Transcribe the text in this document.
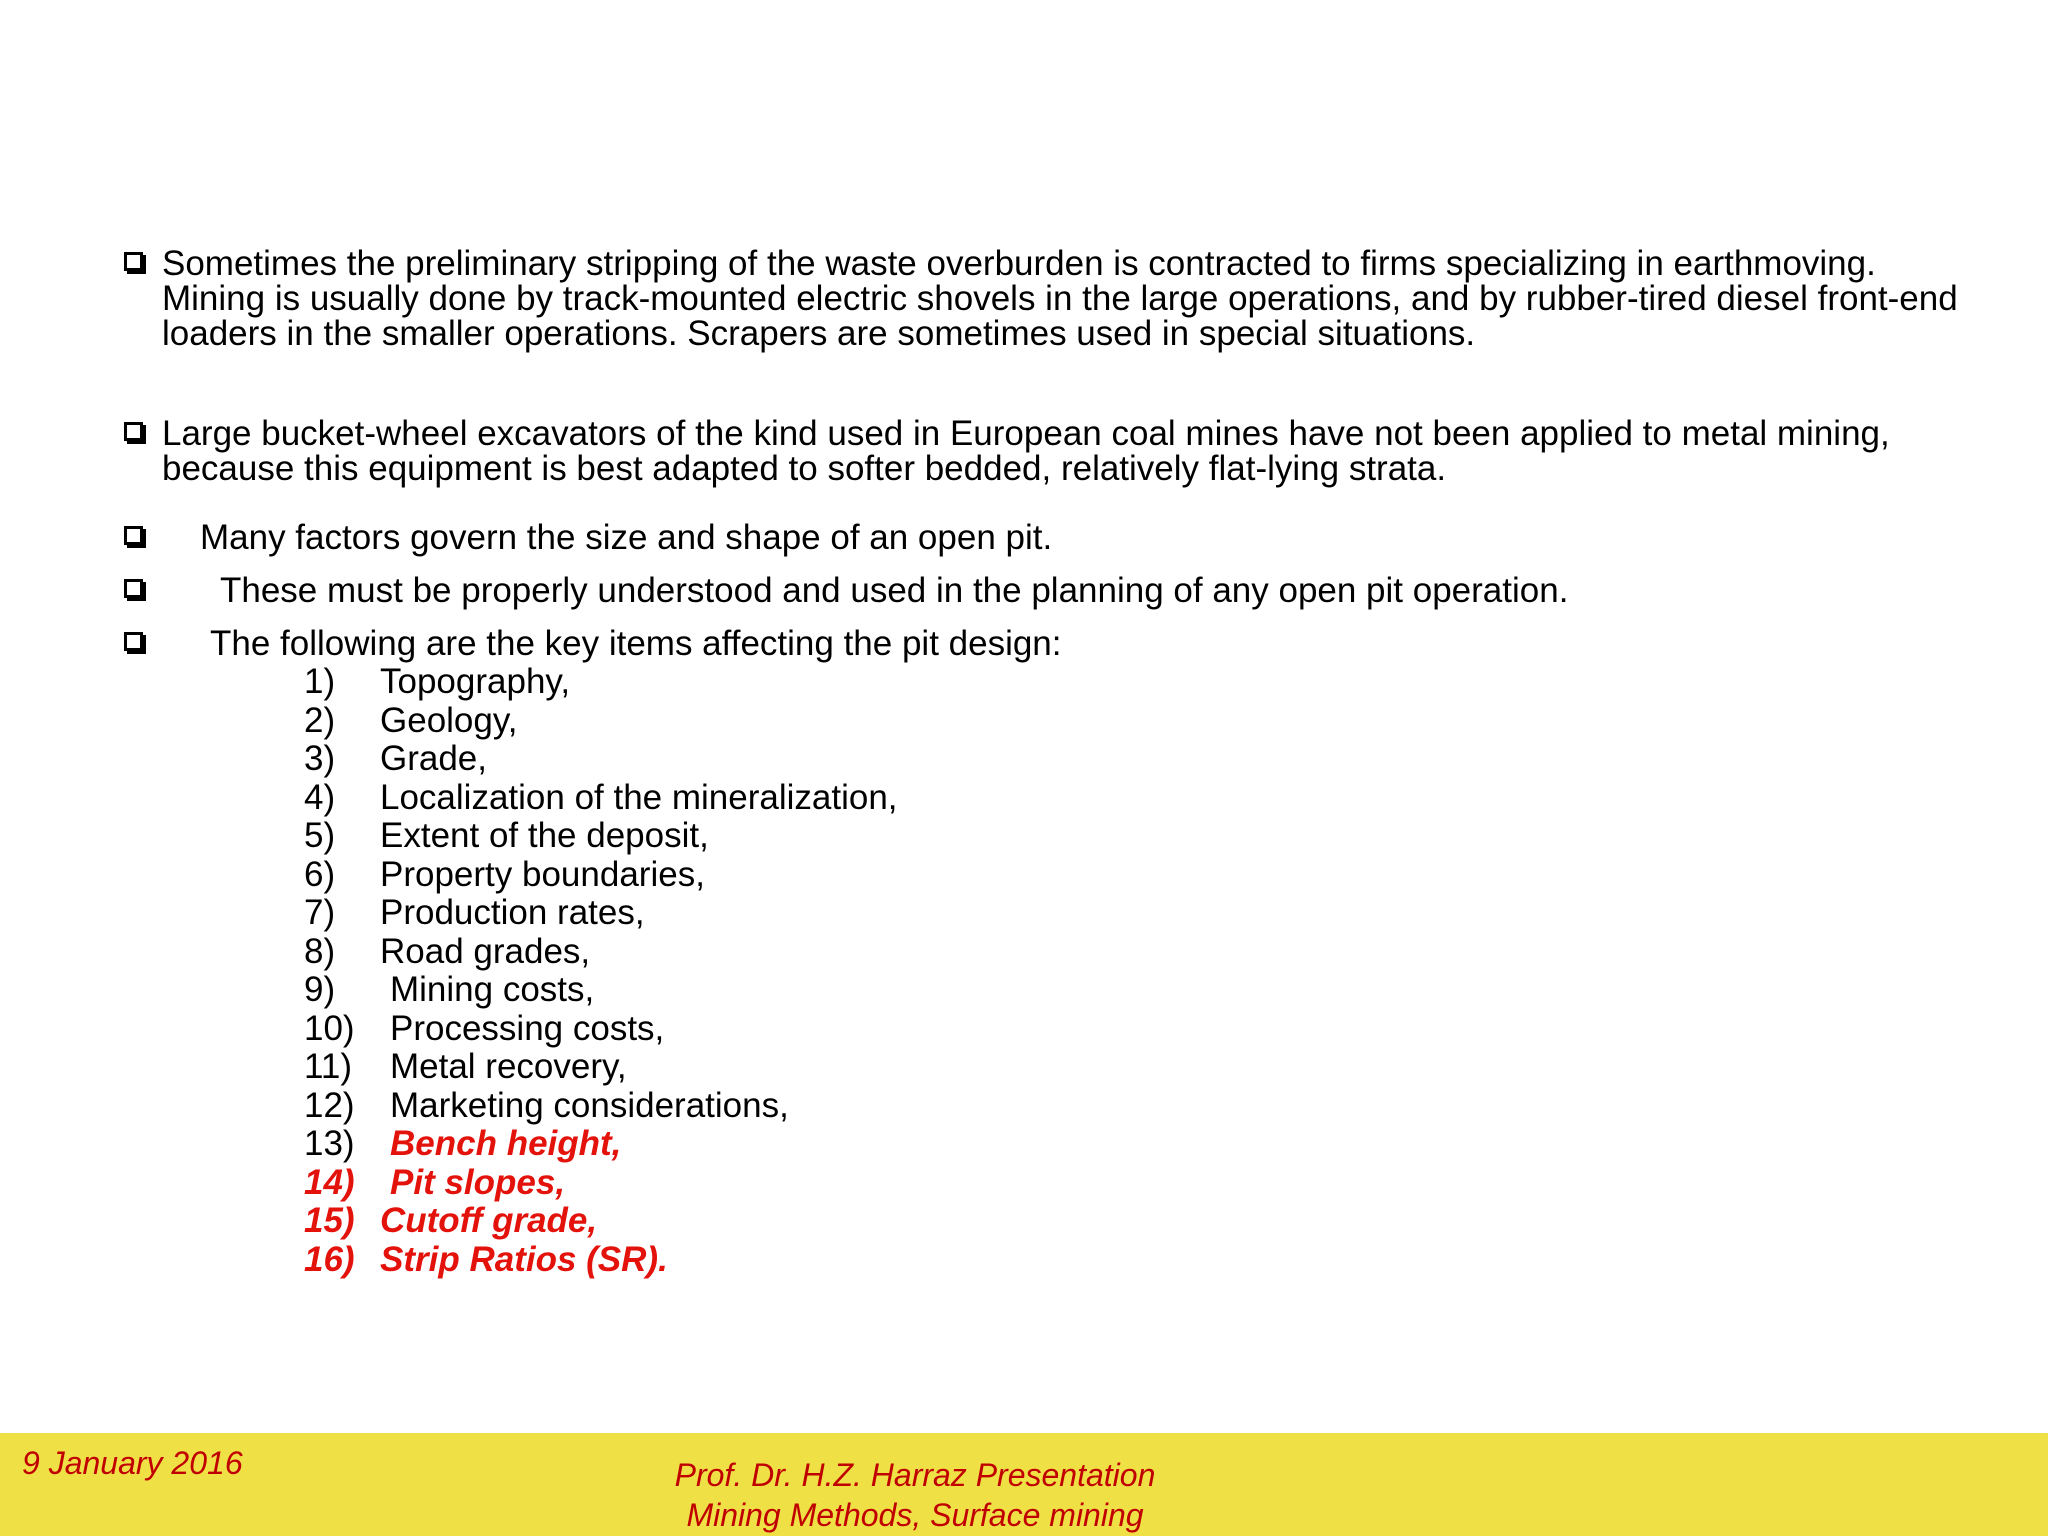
Sometimes the preliminary stripping of the waste overburden is contracted to firms specializing in earthmoving. Mining is usually done by track-mounted electric shovels in the large operations, and by rubber-tired diesel front-end loaders in the smaller operations. Scrapers are sometimes used in special situations.
Large bucket-wheel excavators of the kind used in European coal mines have not been applied to metal mining, because this equipment is best adapted to softer bedded, relatively flat-lying strata.
Many factors govern the size and shape of an open pit.
These must be properly understood and used in the planning of any open pit operation.
The following are the key items affecting the pit design:
1) Topography,
2) Geology,
3) Grade,
4) Localization of the mineralization,
5) Extent of the deposit,
6) Property boundaries,
7) Production rates,
8) Road grades,
9) Mining costs,
10) Processing costs,
11) Metal recovery,
12) Marketing considerations,
13) Bench height,
14) Pit slopes,
15) Cutoff grade,
16) Strip Ratios (SR).
9 January 2016	Prof. Dr. H.Z. Harraz Presentation
Mining Methods, Surface mining
